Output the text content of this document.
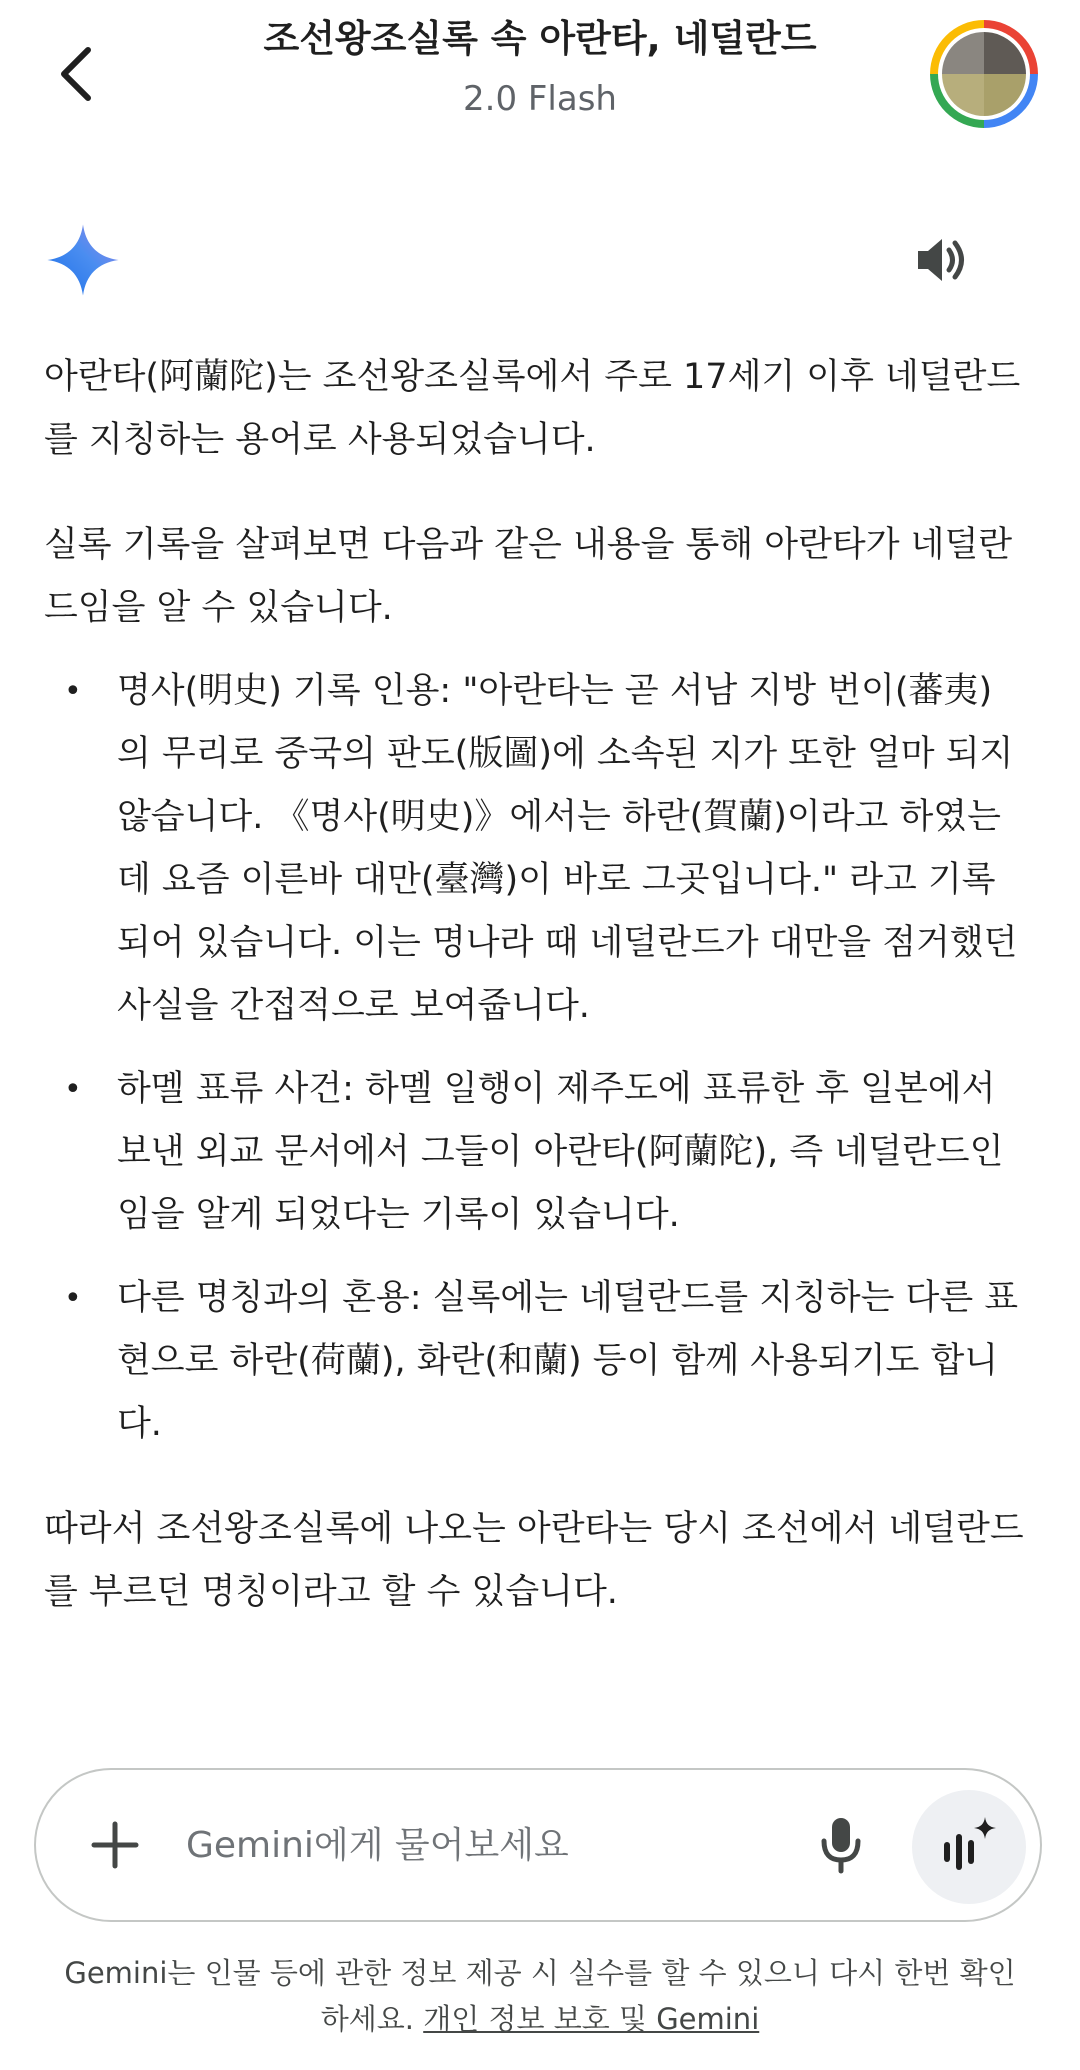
조선왕조실록 속 아란타, 네덜란드
2.0 Flash

아란타(阿蘭陀)는 조선왕조실록에서 주로 17세기 이후 네덜란드를 지칭하는 용어로 사용되었습니다.

실록 기록을 살펴보면 다음과 같은 내용을 통해 아란타가 네덜란드임을 알 수 있습니다.

• 명사(明史) 기록 인용: "아란타는 곧 서남 지방 번이(蕃夷)의 무리로 중국의 판도(版圖)에 소속된 지가 또한 얼마 되지 않습니다. 《명사(明史)》에서는 하란(賀蘭)이라고 하였는데 요즘 이른바 대만(臺灣)이 바로 그곳입니다." 라고 기록되어 있습니다. 이는 명나라 때 네덜란드가 대만을 점거했던 사실을 간접적으로 보여줍니다.
• 하멜 표류 사건: 하멜 일행이 제주도에 표류한 후 일본에서 보낸 외교 문서에서 그들이 아란타(阿蘭陀), 즉 네덜란드인임을 알게 되었다는 기록이 있습니다.
• 다른 명칭과의 혼용: 실록에는 네덜란드를 지칭하는 다른 표현으로 하란(荷蘭), 화란(和蘭) 등이 함께 사용되기도 합니다.

따라서 조선왕조실록에 나오는 아란타는 당시 조선에서 네덜란드를 부르던 명칭이라고 할 수 있습니다.

Gemini에게 물어보세요
Gemini는 인물 등에 관한 정보 제공 시 실수를 할 수 있으니 다시 한번 확인하세요. 개인 정보 보호 및 Gemini
